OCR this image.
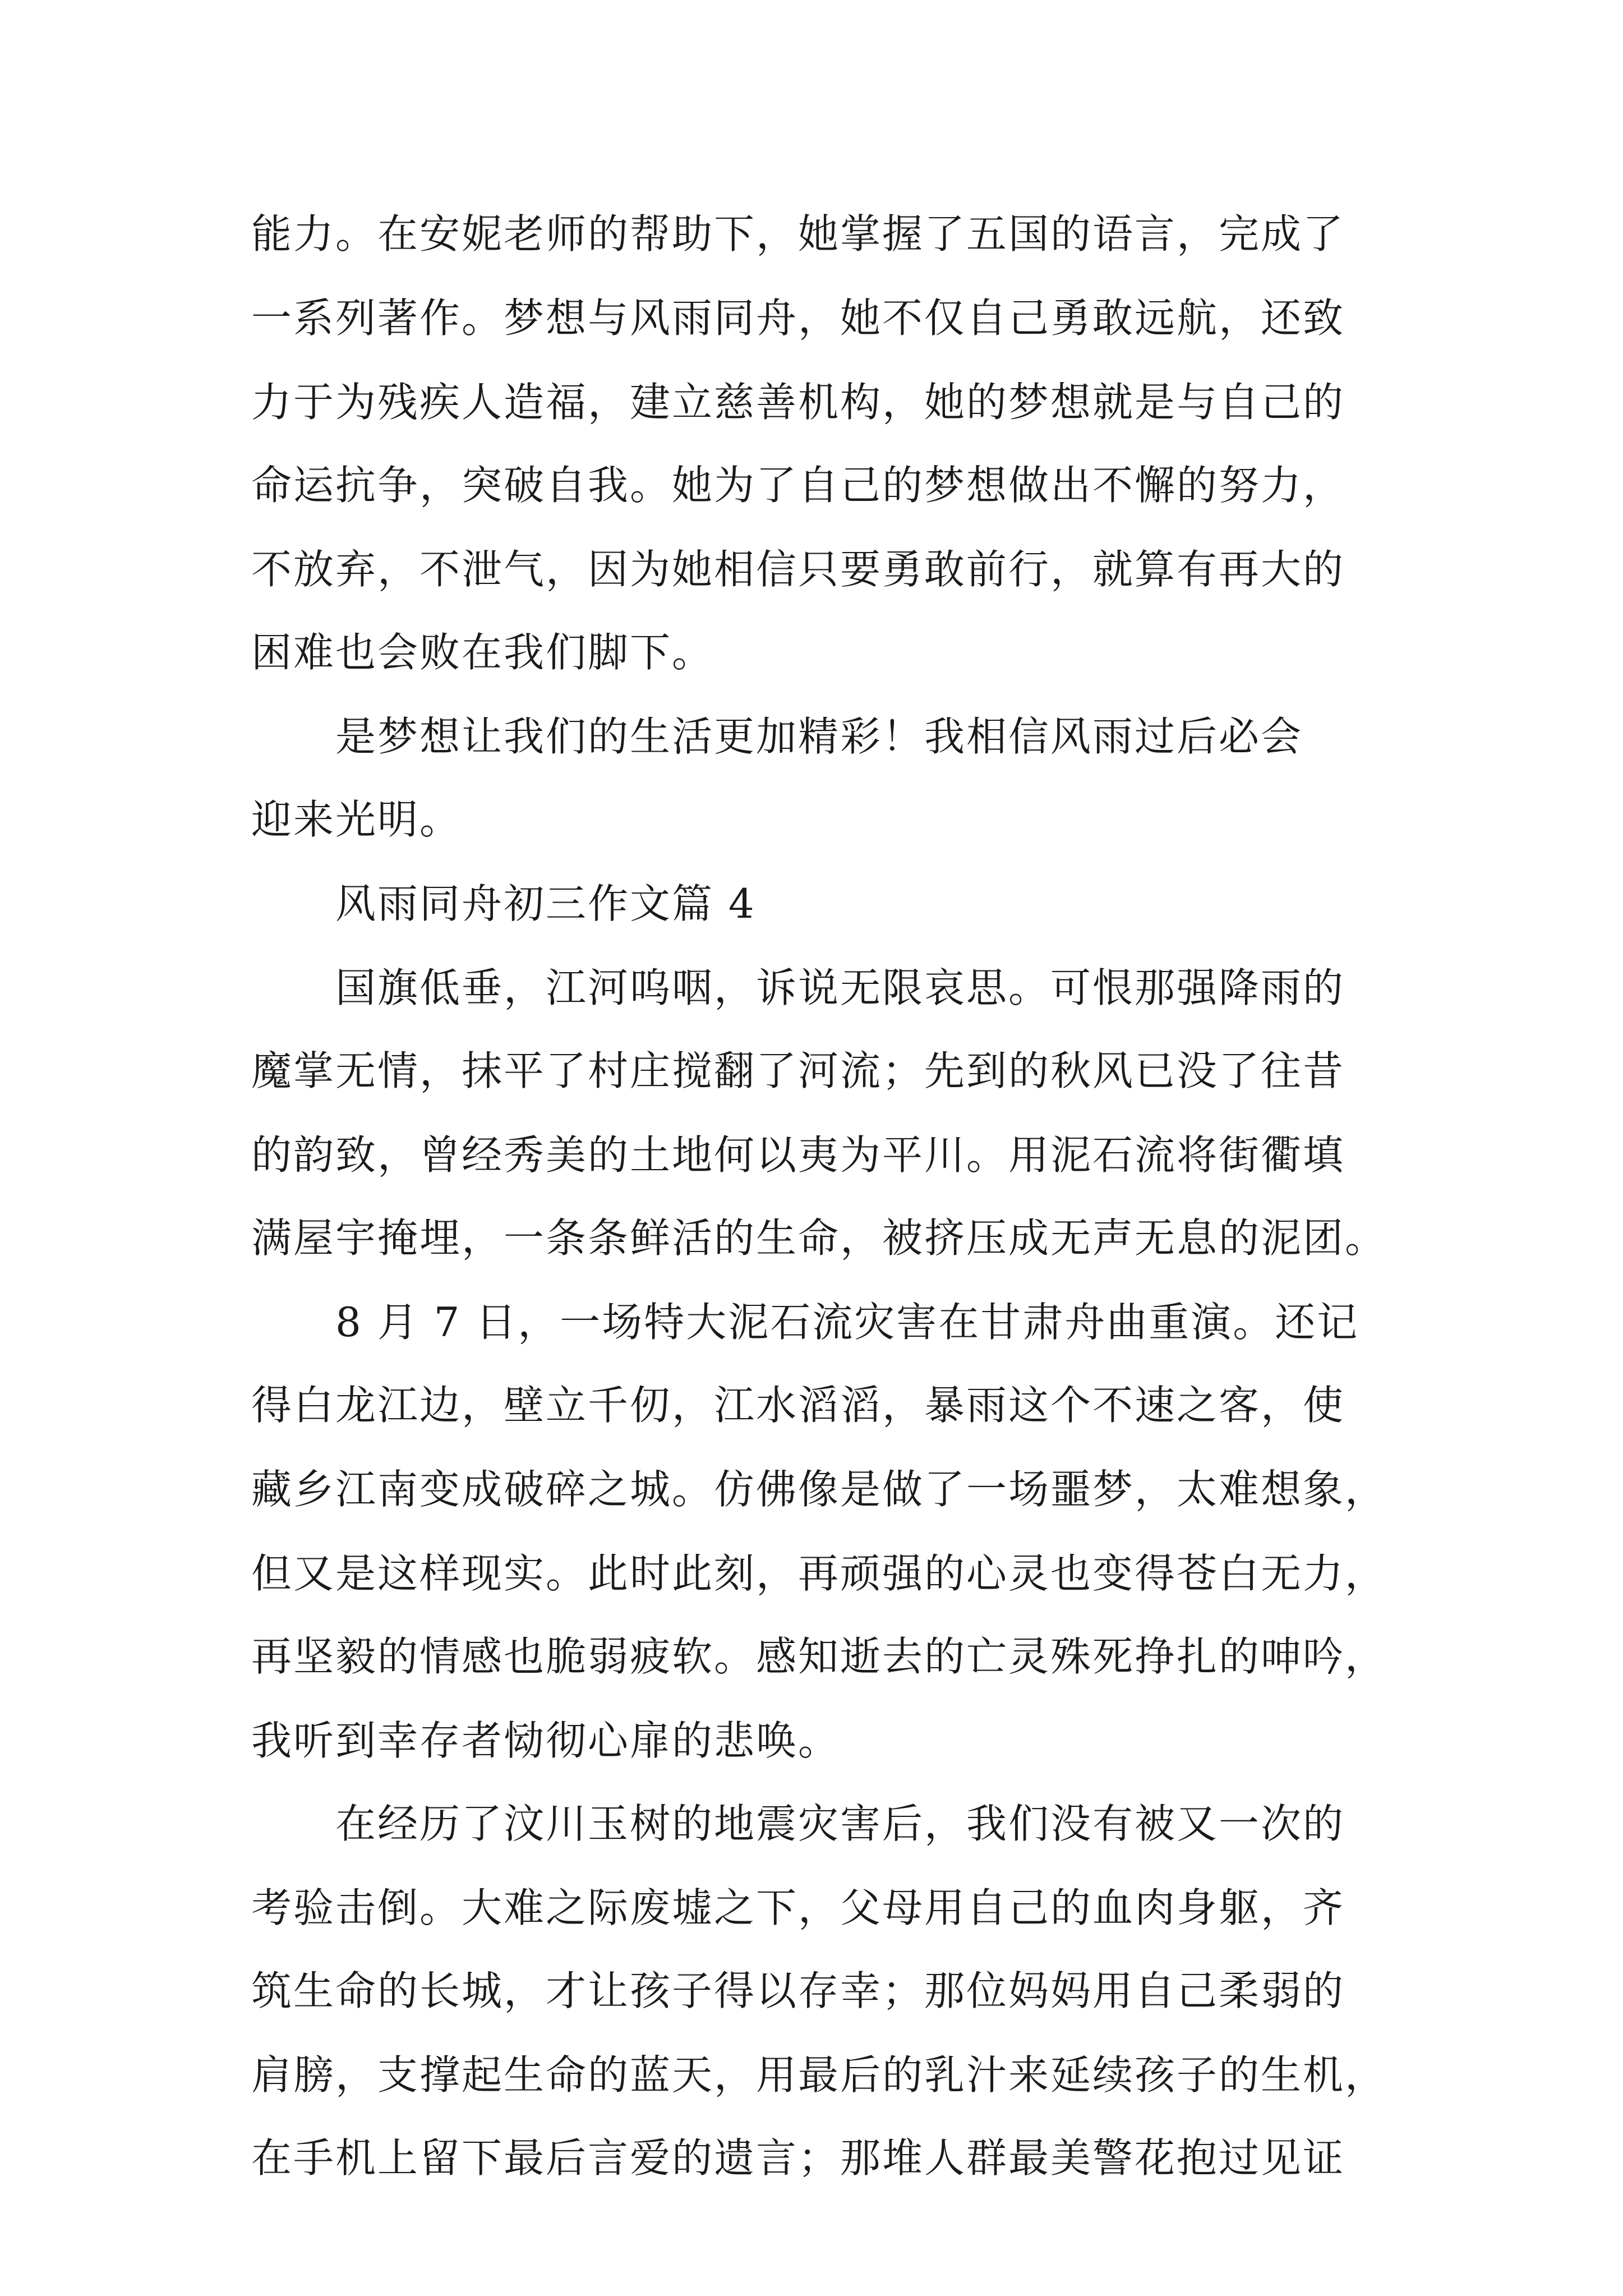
能力。在安妮老师的帮助下，她掌握了五国的语言，完成了
一系列著作。梦想与风雨同舟，她不仅自己勇敢远航，还致
力于为残疾人造福，建立慈善机构，她的梦想就是与自己的
命运抗争，突破自我。她为了自己的梦想做出不懈的努力，
不放弃，不泄气，因为她相信只要勇敢前行，就算有再大的
困难也会败在我们脚下。
是梦想让我们的生活更加精彩！我相信风雨过后必会
迎来光明。
风雨同舟初三作文篇 4
国旗低垂，江河呜咽，诉说无限哀思。可恨那强降雨的
魔掌无情，抹平了村庄搅翻了河流；先到的秋风已没了往昔
的韵致，曾经秀美的土地何以夷为平川。用泥石流将街衢填
满屋宇掩埋，一条条鲜活的生命，被挤压成无声无息的泥团。
8 月 7 日，一场特大泥石流灾害在甘肃舟曲重演。还记
得白龙江边，壁立千仞，江水滔滔，暴雨这个不速之客，使
藏乡江南变成破碎之城。仿佛像是做了一场噩梦，太难想象，
但又是这样现实。此时此刻，再顽强的心灵也变得苍白无力，
再坚毅的情感也脆弱疲软。感知逝去的亡灵殊死挣扎的呻吟，
我听到幸存者恸彻心扉的悲唤。
在经历了汶川玉树的地震灾害后，我们没有被又一次的
考验击倒。大难之际废墟之下，父母用自己的血肉身躯，齐
筑生命的长城，才让孩子得以存幸；那位妈妈用自己柔弱的
肩膀，支撑起生命的蓝天，用最后的乳汁来延续孩子的生机，
在手机上留下最后言爱的遗言；那堆人群最美警花抱过见证
